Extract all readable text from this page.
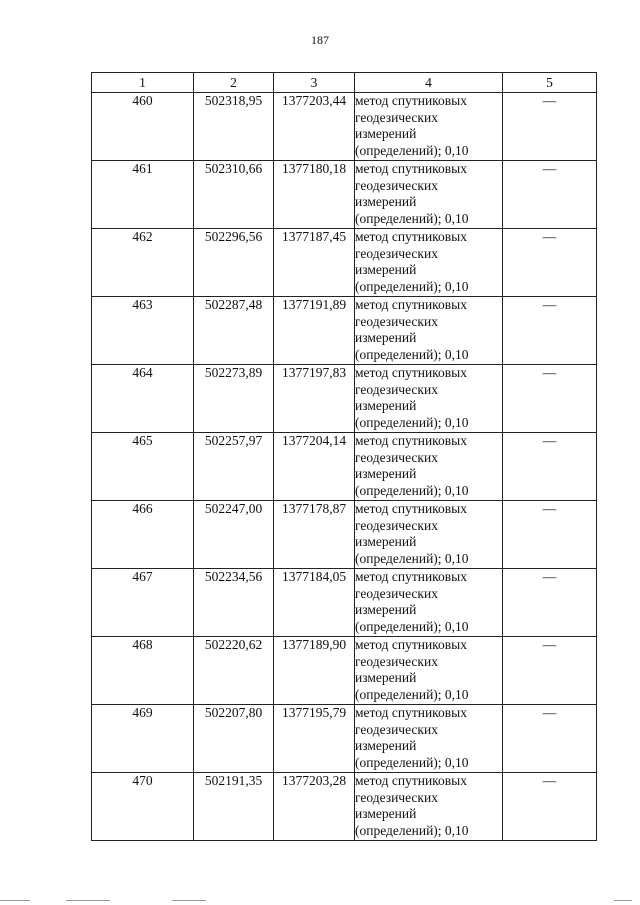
187
1	2	3	4	5
460	502318,95	1377203,44	метод спутниковых геодезических измерений (определений); 0,10	—
461	502310,66	1377180,18	метод спутниковых геодезических измерений (определений); 0,10	—
462	502296,56	1377187,45	метод спутниковых геодезических измерений (определений); 0,10	—
463	502287,48	1377191,89	метод спутниковых геодезических измерений (определений); 0,10	—
464	502273,89	1377197,83	метод спутниковых геодезических измерений (определений); 0,10	—
465	502257,97	1377204,14	метод спутниковых геодезических измерений (определений); 0,10	—
466	502247,00	1377178,87	метод спутниковых геодезических измерений (определений); 0,10	—
467	502234,56	1377184,05	метод спутниковых геодезических измерений (определений); 0,10	—
468	502220,62	1377189,90	метод спутниковых геодезических измерений (определений); 0,10	—
469	502207,80	1377195,79	метод спутниковых геодезических измерений (определений); 0,10	—
470	502191,35	1377203,28	метод спутниковых геодезических измерений (определений); 0,10	—
